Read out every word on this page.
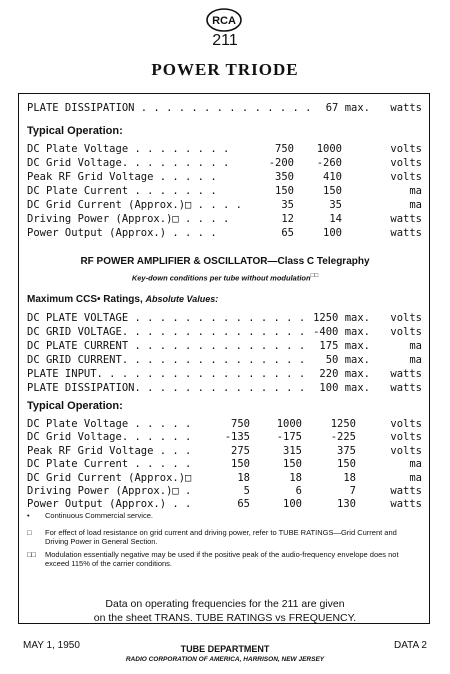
RCA
211
POWER TRIODE
PLATE DISSIPATION . . . . . . . . . . . . . . 67 max. watts
Typical Operation:
DC Plate Voltage . . . . . . . .	750	1000	volts
DC Grid Voltage. . . . . . . . .	-200	-260	volts
Peak RF Grid Voltage . . . . .	350	410	volts
DC Plate Current . . . . . . .	150	150	ma
DC Grid Current (Approx.)□ . . . .	35	35	ma
Driving Power (Approx.)□ . . . .	12	14	watts
Power Output (Approx.) . . . .	65	100	watts
RF POWER AMPLIFIER & OSCILLATOR—Class C Telegraphy
Key-down conditions per tube without modulation□□
Maximum CCS• Ratings, Absolute Values:
DC PLATE VOLTAGE . . . . . . . . . . . . . . 1250 max. volts
DC GRID VOLTAGE. . . . . . . . . . . . . . . -400 max. volts
DC PLATE CURRENT . . . . . . . . . . . . . .	175 max.	ma
DC GRID CURRENT. . . . . . . . . . . . . . .	50 max.	ma
PLATE INPUT. . . . . . . . . . . . . . . . .	220 max. watts
PLATE DISSIPATION. . . . . . . . . . . . . .	100 max. watts
Typical Operation:
DC Plate Voltage . . . . .	750	1000	1250	volts
DC Grid Voltage. . . . . .	-135	-175	-225	volts
Peak RF Grid Voltage . . .	275	315	375	volts
DC Plate Current . . . . .	150	150	150	ma
DC Grid Current (Approx.)□	18	18	18	ma
Driving Power (Approx.)□ .	5	6	7	watts
Power Output (Approx.) . .	65	100	130	watts
• Continuous Commercial service.
□ For effect of load resistance on grid current and driving power, refer to TUBE RATINGS—Grid Current and Driving Power in General Section.
□□ Modulation essentially negative may be used if the positive peak of the audio-frequency envelope does not exceed 115% of the carrier conditions.
Data on operating frequencies for the 211 are given
on the sheet TRANS. TUBE RATINGS vs FREQUENCY.
MAY 1, 1950	DATA 2
TUBE DEPARTMENT
RADIO CORPORATION OF AMERICA, HARRISON, NEW JERSEY
